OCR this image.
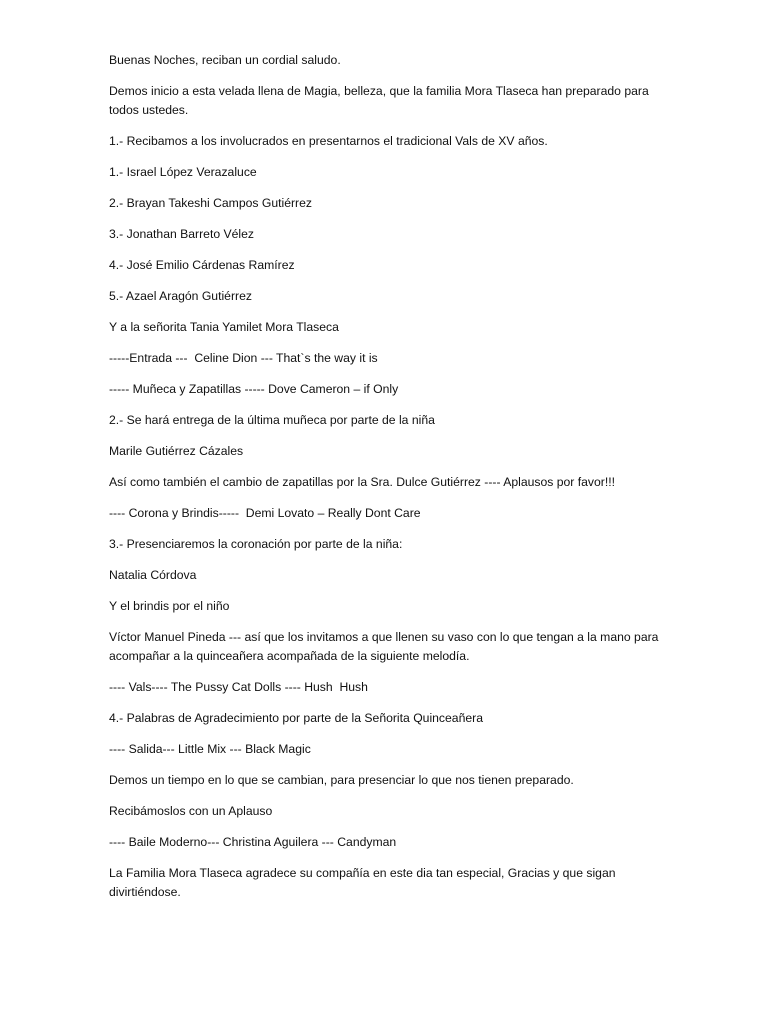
Buenas Noches, reciban un cordial saludo.

Demos inicio a esta velada llena de Magia, belleza, que la familia Mora Tlaseca han preparado para todos ustedes.

1.- Recibamos a los involucrados en presentarnos el tradicional Vals de XV años.

1.- Israel López Verazaluce

2.- Brayan Takeshi Campos Gutiérrez

3.- Jonathan Barreto Vélez

4.- José Emilio Cárdenas Ramírez

5.- Azael Aragón Gutiérrez

Y a la señorita Tania Yamilet Mora Tlaseca

-----Entrada ---  Celine Dion --- That`s the way it is

----- Muñeca y Zapatillas ----- Dove Cameron – if Only

2.- Se hará entrega de la última muñeca por parte de la niña

Marile Gutiérrez Cázales

Así como también el cambio de zapatillas por la Sra. Dulce Gutiérrez ---- Aplausos por favor!!!

---- Corona y Brindis-----  Demi Lovato – Really Dont Care

3.- Presenciaremos la coronación por parte de la niña:

Natalia Córdova

Y el brindis por el niño

Víctor Manuel Pineda --- así que los invitamos a que llenen su vaso con lo que tengan a la mano para acompañar a la quinceañera acompañada de la siguiente melodía.

---- Vals---- The Pussy Cat Dolls ---- Hush  Hush

4.- Palabras de Agradecimiento por parte de la Señorita Quinceañera

---- Salida--- Little Mix --- Black Magic

Demos un tiempo en lo que se cambian, para presenciar lo que nos tienen preparado.

Recibámoslos con un Aplauso

---- Baile Moderno--- Christina Aguilera --- Candyman

La Familia Mora Tlaseca agradece su compañía en este dia tan especial, Gracias y que sigan divirtiéndose.
